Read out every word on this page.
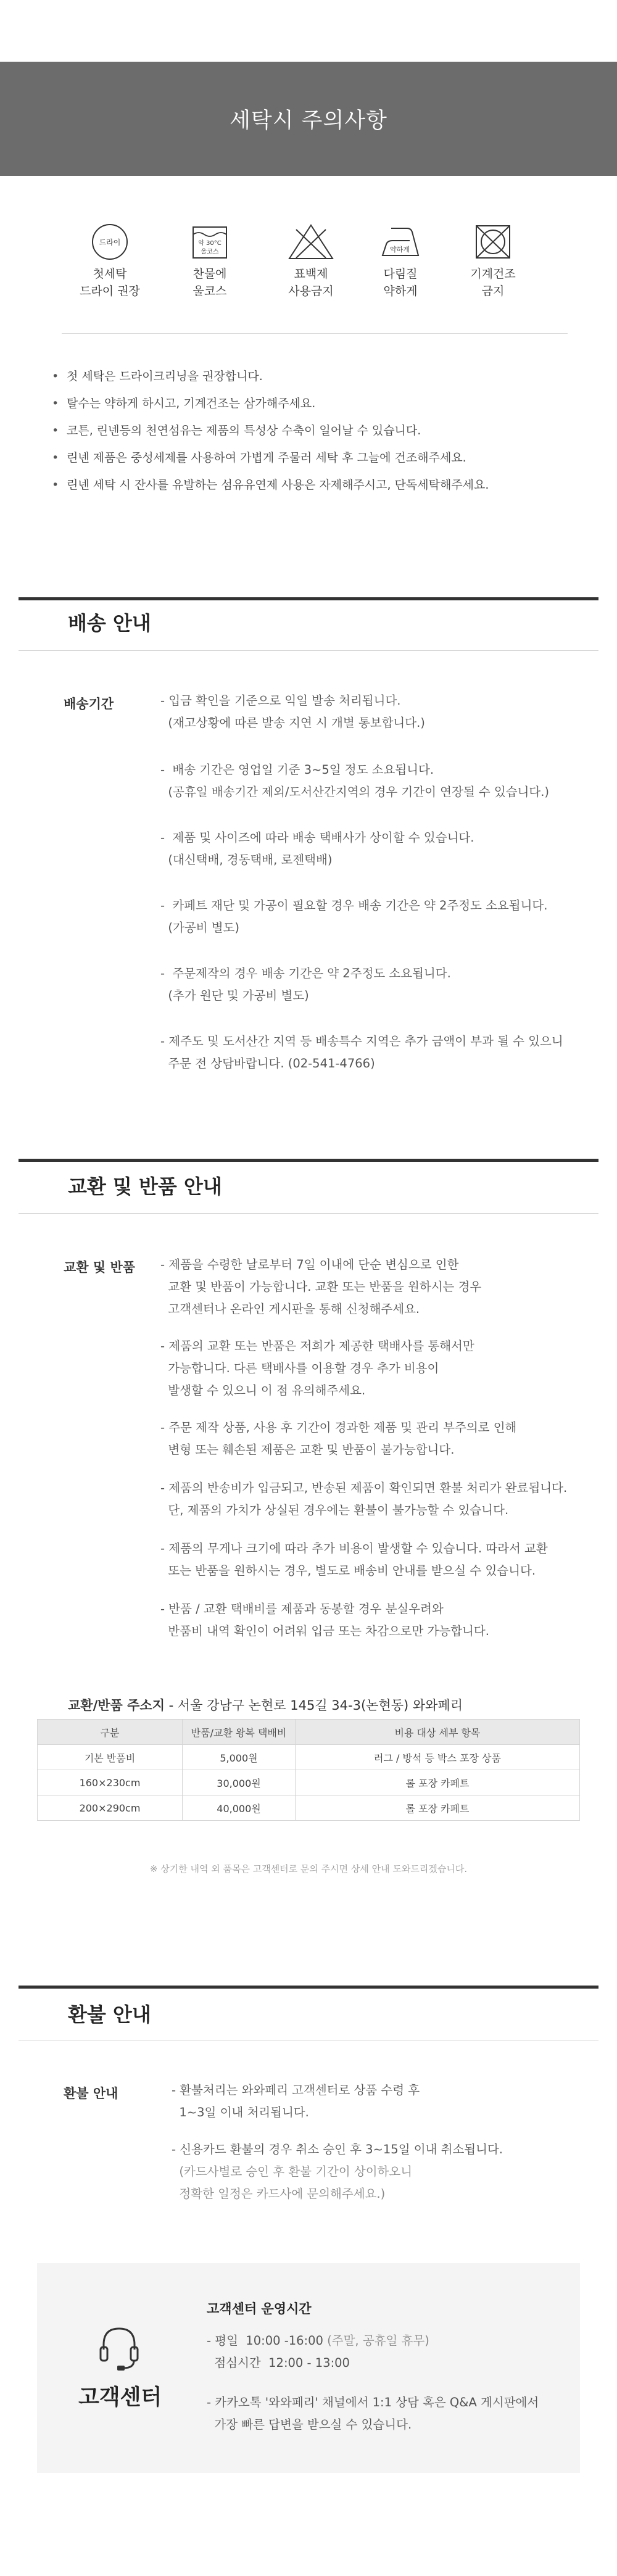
세탁시 주의사항
드라이
첫세탁
드라이 권장
약 30°C
울코스
찬물에
울코스
표백제
사용금지
약하게
다림질
약하게
기계건조
금지
• 첫 세탁은 드라이크리닝을 권장합니다.
• 탈수는 약하게 하시고, 기계건조는 삼가해주세요.
• 코튼, 린넨등의 천연섬유는 제품의 특성상 수축이 일어날 수 있습니다.
• 린넨 제품은 중성세제를 사용하여 가볍게 주물러 세탁 후 그늘에 건조해주세요.
• 린넨 세탁 시 잔사를 유발하는 섬유유연제 사용은 자제해주시고, 단독세탁해주세요.
배송 안내
배송기간	- 입금 확인을 기준으로 익일 발송 처리됩니다.
(재고상황에 따른 발송 지연 시 개별 통보합니다.)
-  배송 기간은 영업일 기준 3~5일 정도 소요됩니다.
(공휴일 배송기간 제외/도서산간지역의 경우 기간이 연장될 수 있습니다.)
-  제품 및 사이즈에 따라 배송 택배사가 상이할 수 있습니다.
(대신택배, 경동택배, 로젠택배)
-  카페트 재단 및 가공이 필요할 경우 배송 기간은 약 2주정도 소요됩니다.
(가공비 별도)
-  주문제작의 경우 배송 기간은 약 2주정도 소요됩니다.
(추가 원단 및 가공비 별도)
- 제주도 및 도서산간 지역 등 배송특수 지역은 추가 금액이 부과 될 수 있으니
주문 전 상담바랍니다. (02-541-4766)
교환 및 반품 안내
교환 및 반품 - 제품을 수령한 날로부터 7일 이내에 단순 변심으로 인한
교환 및 반품이 가능합니다. 교환 또는 반품을 원하시는 경우
고객센터나 온라인 게시판을 통해 신청해주세요.
- 제품의 교환 또는 반품은 저희가 제공한 택배사를 통해서만
가능합니다. 다른 택배사를 이용할 경우 추가 비용이
발생할 수 있으니 이 점 유의해주세요.
- 주문 제작 상품, 사용 후 기간이 경과한 제품 및 관리 부주의로 인해
변형 또는 훼손된 제품은 교환 및 반품이 불가능합니다.
- 제품의 반송비가 입금되고, 반송된 제품이 확인되면 환불 처리가 완료됩니다.
단, 제품의 가치가 상실된 경우에는 환불이 불가능할 수 있습니다.
- 제품의 무게나 크기에 따라 추가 비용이 발생할 수 있습니다. 따라서 교환
또는 반품을 원하시는 경우, 별도로 배송비 안내를 받으실 수 있습니다.
- 반품 / 교환 택배비를 제품과 동봉할 경우 분실우려와
반품비 내역 확인이 어려워 입금 또는 차감으로만 가능합니다.
교환/반품 주소지 - 서울 강남구 논현로 145길 34-3(논현동) 와와페리
구분	반품/교환 왕복 택배비	비용 대상 세부 항목
기본 반품비	5,000원	러그 / 방석 등 박스 포장 상품
160×230cm	30,000원	롤 포장 카페트
200×290cm	40,000원	롤 포장 카페트
※ 상기한 내역 외 품목은 고객센터로 문의 주시면 상세 안내 도와드리겠습니다.
환불 안내
환불 안내	- 환불처리는 와와페리 고객센터로 상품 수령 후
1~3일 이내 처리됩니다.
- 신용카드 환불의 경우 취소 승인 후 3~15일 이내 취소됩니다.
(카드사별로 승인 후 환불 기간이 상이하오니
정확한 일정은 카드사에 문의해주세요.)
고객센터
고객센터 운영시간
- 평일  10:00 -16:00 (주말, 공휴일 휴무)
점심시간  12:00 - 13:00
- 카카오톡 '와와페리' 채널에서 1:1 상담 혹은 Q&A 게시판에서
가장 빠른 답변을 받으실 수 있습니다.
